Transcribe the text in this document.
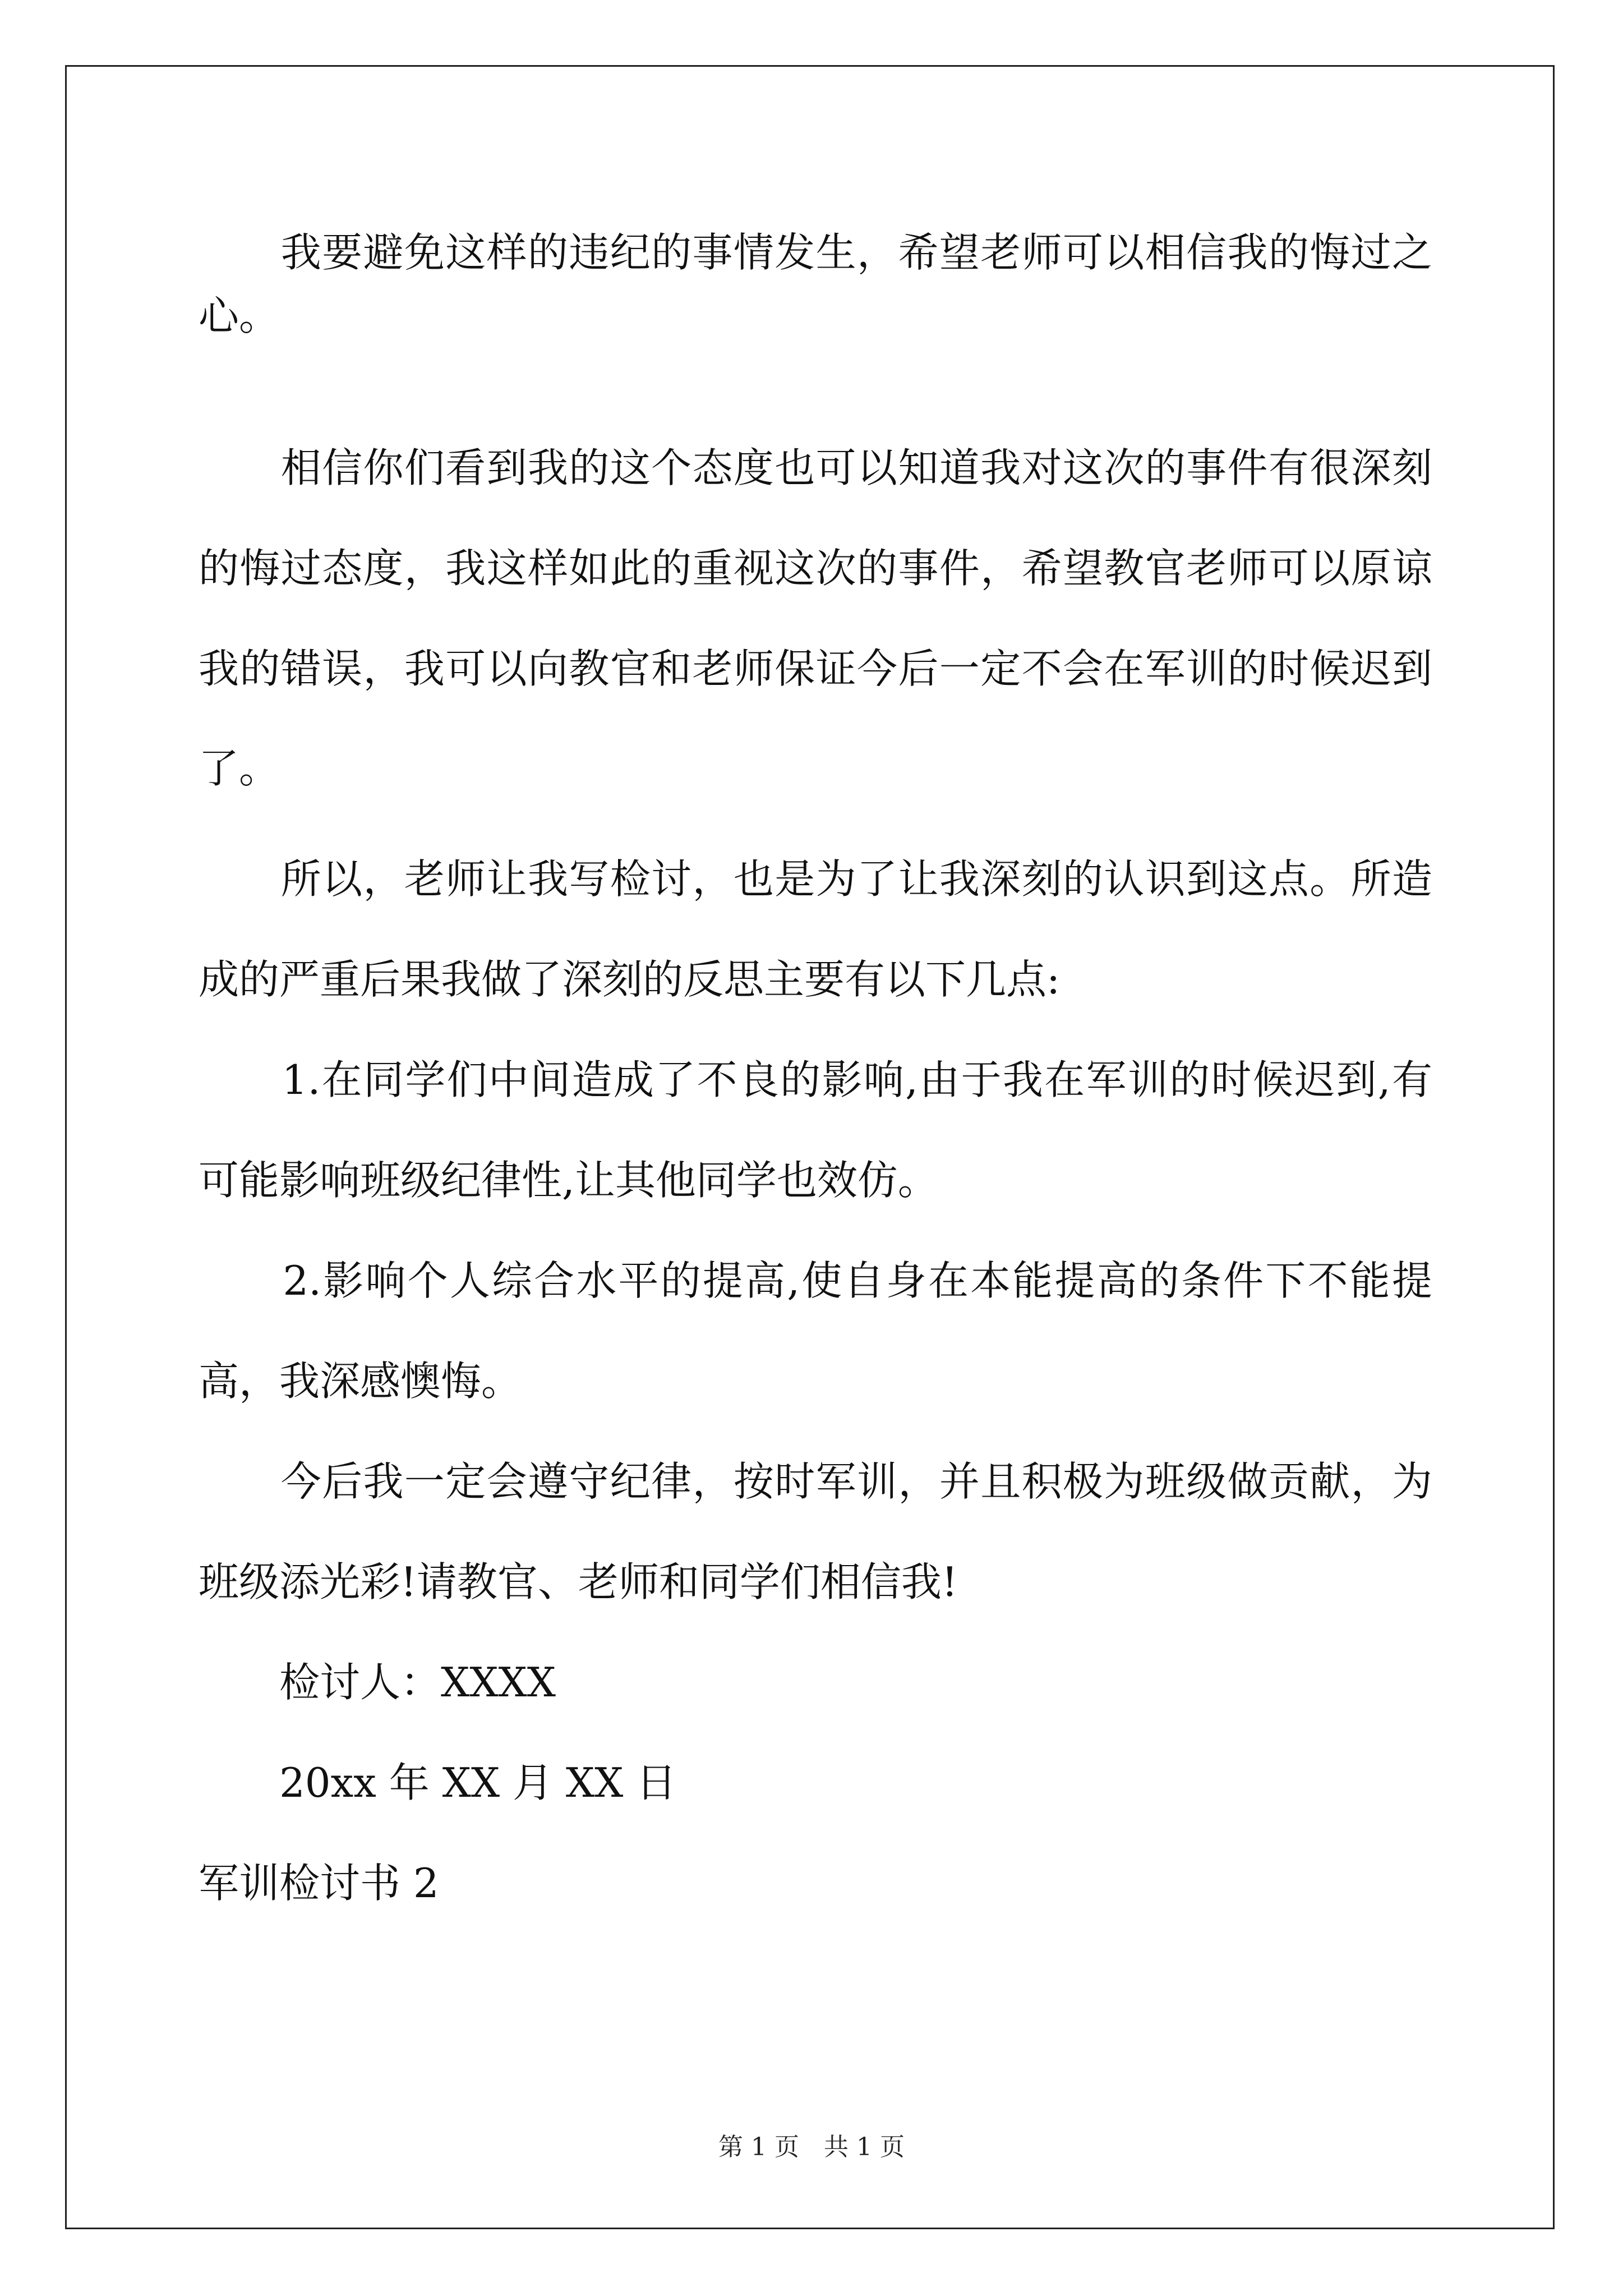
　　我要避免这样的违纪的事情发生，希望老师可以相信我的悔过之
心。
　　相信你们看到我的这个态度也可以知道我对这次的事件有很深刻
的悔过态度，我这样如此的重视这次的事件，希望教官老师可以原谅
我的错误，我可以向教官和老师保证今后一定不会在军训的时候迟到
了。
　　所以，老师让我写检讨，也是为了让我深刻的认识到这点。所造
成的严重后果我做了深刻的反思主要有以下几点:
　　1.在同学们中间造成了不良的影响,由于我在军训的时候迟到,有
可能影响班级纪律性,让其他同学也效仿。
　　2.影响个人综合水平的提高,使自身在本能提高的条件下不能提
高，我深感懊悔。
　　今后我一定会遵守纪律，按时军训，并且积极为班级做贡献，为
班级添光彩!请教官、老师和同学们相信我!
　　检讨人：XXXX
　　20xx 年 XX 月 XX 日
军训检讨书 2
第 1 页 共 1 页
